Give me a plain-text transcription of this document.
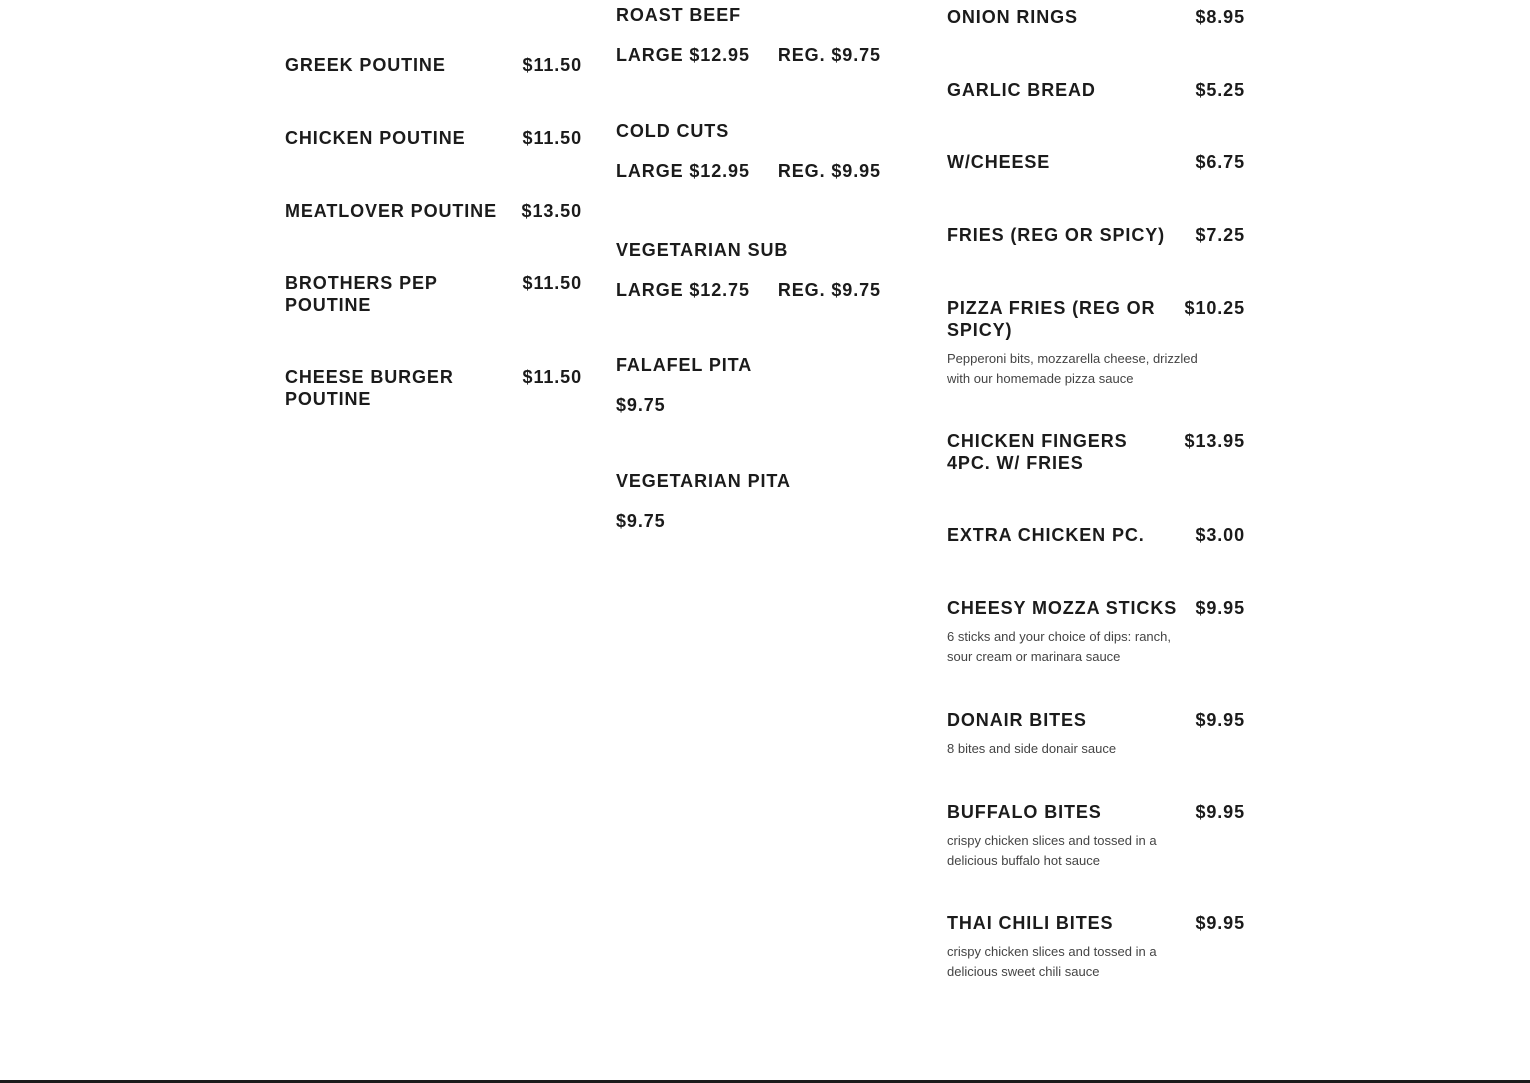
GREEK POUTINE	$11.50
CHICKEN POUTINE	$11.50
MEATLOVER POUTINE $13.50
BROTHERS PEP POUTINE
$11.50
CHEESE BURGER POUTINE
$11.50
ROAST BEEF
LARGE $12.95 REG. $9.75
COLD CUTS
LARGE $12.95 REG. $9.95
VEGETARIAN SUB
LARGE $12.75 REG. $9.75
FALAFEL PITA
$9.75
VEGETARIAN PITA
$9.75
ONION RINGS	$8.95
GARLIC BREAD	$5.25
W/CHEESE	$6.75
FRIES (REG OR SPICY) $7.25
PIZZA FRIES (REG OR SPICY)
$10.25
Pepperoni bits, mozzarella cheese, drizzled with our homemade pizza sauce
CHICKEN FINGERS 4PC. W/ FRIES
$13.95
EXTRA CHICKEN PC.	$3.00
CHEESY MOZZA STICKS $9.95
6 sticks and your choice of dips: ranch, sour cream or marinara sauce
DONAIR BITES	$9.95
8 bites and side donair sauce
BUFFALO BITES	$9.95
crispy chicken slices and tossed in a delicious buffalo hot sauce
THAI CHILI BITES	$9.95
crispy chicken slices and tossed in a delicious sweet chili sauce
